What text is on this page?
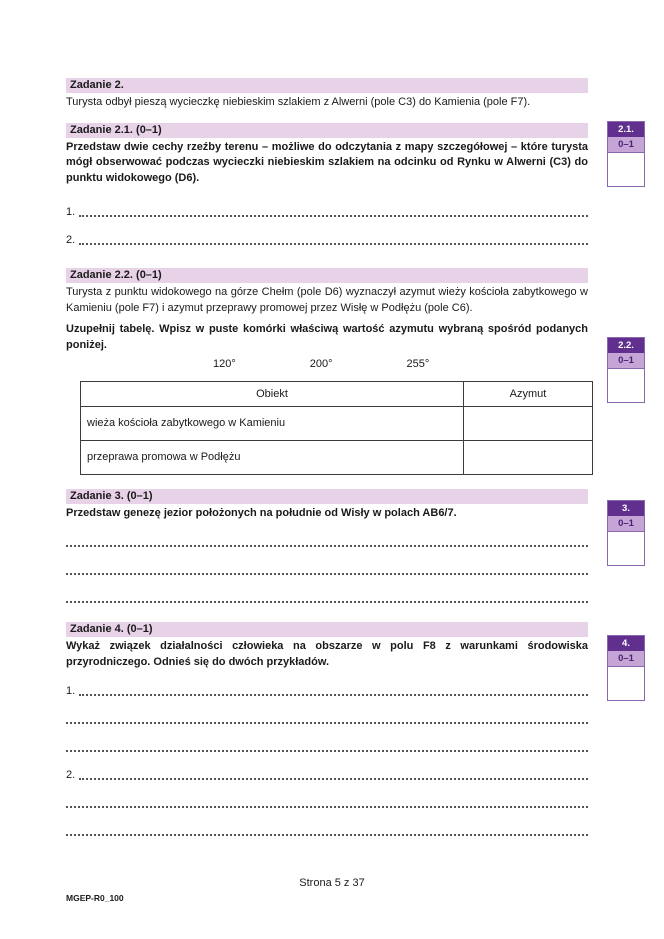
Zadanie 2.

Turysta odbył pieszą wycieczkę niebieskim szlakiem z Alwerni (pole C3) do Kamienia (pole F7).

Zadanie 2.1. (0–1)

Przedstaw dwie cechy rzeźby terenu – możliwe do odczytania z mapy szczegółowej – które turysta mógł obserwować podczas wycieczki niebieskim szlakiem na odcinku od Rynku w Alwerni (C3) do punktu widokowego (D6).

1.
2.
Zadanie 2.2. (0–1)

Turysta z punktu widokowego na górze Chełm (pole D6) wyznaczył azymut wieży kościoła zabytkowego w Kamieniu (pole F7) i azymut przeprawy promowej przez Wisłę w Podłężu (pole C6).

Uzupełnij tabelę. Wpisz w puste komórki właściwą wartość azymutu wybraną spośród podanych poniżej.

120°	200°	255°
Obiekt	Azymut
wieża kościoła zabytkowego w Kamieniu	
przeprawa promowa w Podłężu	
Zadanie 3. (0–1)

Przedstaw genezę jezior położonych na południe od Wisły w polach AB6/7.

Zadanie 4. (0–1)

Wykaż związek działalności człowieka na obszarze w polu F8 z warunkami środowiska przyrodniczego. Odnieś się do dwóch przykładów.

1.
2.
2.1.
0–1
2.2.
0–1
3.
0–1
4.
0–1
Strona 5 z 37
MGEP-R0_100
